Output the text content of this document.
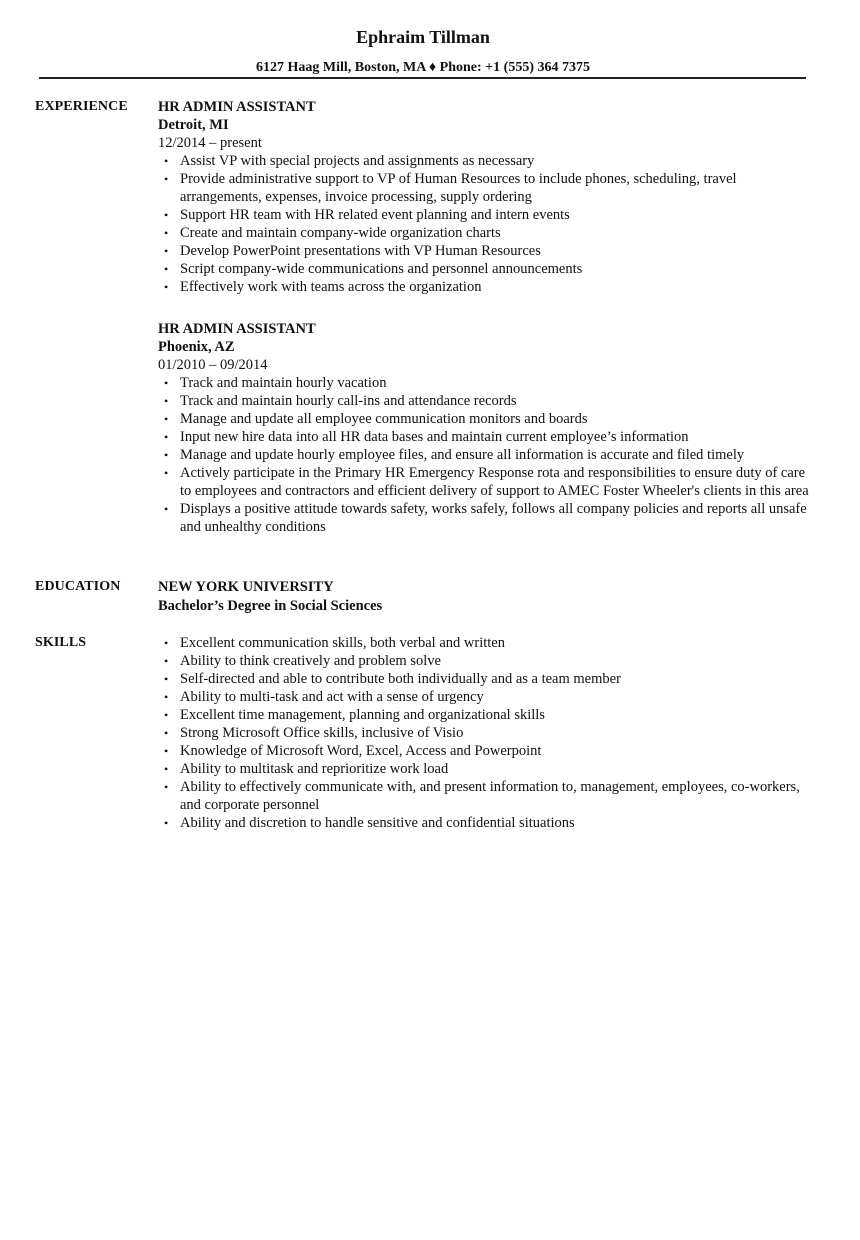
Ephraim Tillman
6127 Haag Mill, Boston, MA ♦ Phone: +1 (555) 364 7375
EXPERIENCE HR ADMIN ASSISTANT
Detroit, MI
12/2014 – present
• Assist VP with special projects and assignments as necessary
• Provide administrative support to VP of Human Resources to include phones, scheduling, travel arrangements, expenses, invoice processing, supply ordering
• Support HR team with HR related event planning and intern events
• Create and maintain company-wide organization charts
• Develop PowerPoint presentations with VP Human Resources
• Script company-wide communications and personnel announcements
• Effectively work with teams across the organization
HR ADMIN ASSISTANT
Phoenix, AZ
01/2010 – 09/2014
• Track and maintain hourly vacation
• Track and maintain hourly call-ins and attendance records
• Manage and update all employee communication monitors and boards
• Input new hire data into all HR data bases and maintain current employee’s information
• Manage and update hourly employee files, and ensure all information is accurate and filed timely
• Actively participate in the Primary HR Emergency Response rota and responsibilities to ensure duty of care to employees and contractors and efficient delivery of support to AMEC Foster Wheeler's clients in this area
• Displays a positive attitude towards safety, works safely, follows all company policies and reports all unsafe and unhealthy conditions
EDUCATION	NEW YORK UNIVERSITY
Bachelor’s Degree in Social Sciences
SKILLS	• Excellent communication skills, both verbal and written
• Ability to think creatively and problem solve
• Self-directed and able to contribute both individually and as a team member
• Ability to multi-task and act with a sense of urgency
• Excellent time management, planning and organizational skills
• Strong Microsoft Office skills, inclusive of Visio
• Knowledge of Microsoft Word, Excel, Access and Powerpoint
• Ability to multitask and reprioritize work load
• Ability to effectively communicate with, and present information to, management, employees, co-workers, and corporate personnel
• Ability and discretion to handle sensitive and confidential situations
